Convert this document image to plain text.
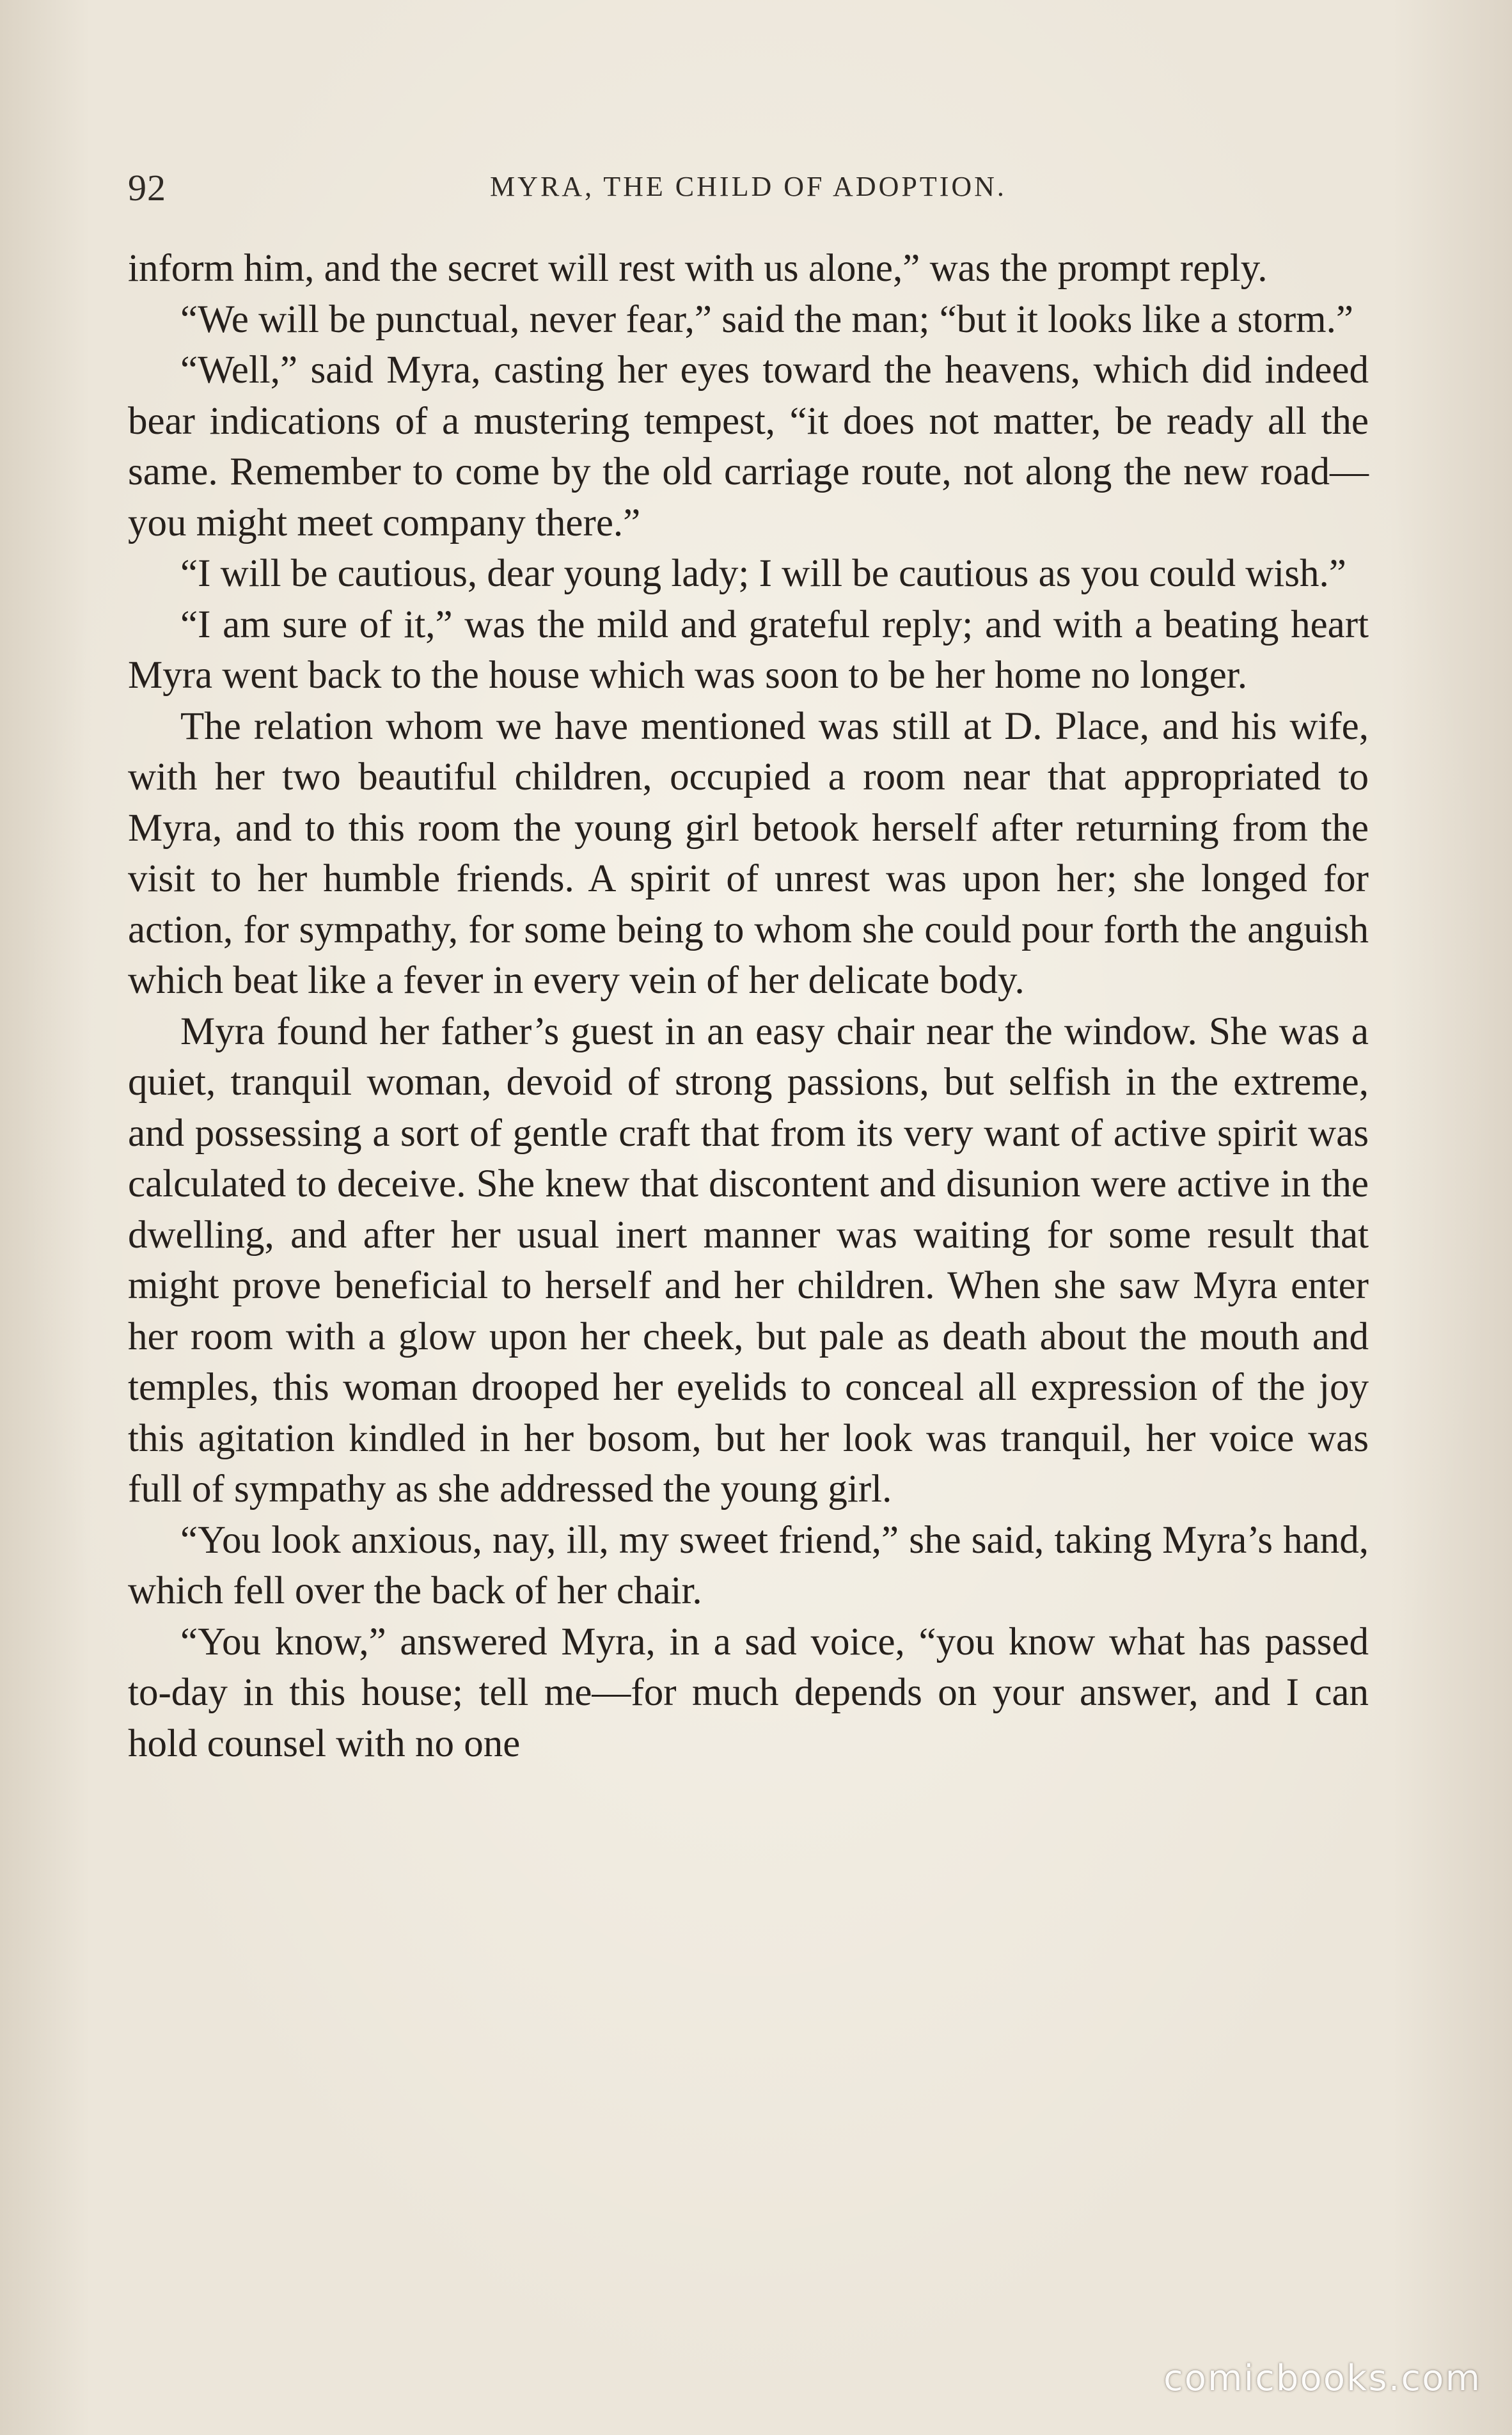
92	MYRA, THE CHILD OF ADOPTION.

inform him, and the secret will rest with us alone,” was the prompt reply.

“We will be punctual, never fear,” said the man; “but it looks like a storm.”

“Well,” said Myra, casting her eyes toward the heavens, which did indeed bear indications of a mustering tempest, “it does not matter, be ready all the same. Remember to come by the old carriage route, not along the new road—you might meet company there.”

“I will be cautious, dear young lady; I will be cautious as you could wish.”

“I am sure of it,” was the mild and grateful reply; and with a beating heart Myra went back to the house which was soon to be her home no longer.

The relation whom we have mentioned was still at D. Place, and his wife, with her two beautiful children, occupied a room near that appropriated to Myra, and to this room the young girl betook herself after returning from the visit to her humble friends. A spirit of unrest was upon her; she longed for action, for sympathy, for some being to whom she could pour forth the anguish which beat like a fever in every vein of her delicate body.

Myra found her father’s guest in an easy chair near the window. She was a quiet, tranquil woman, devoid of strong passions, but selfish in the extreme, and possessing a sort of gentle craft that from its very want of active spirit was calculated to deceive. She knew that discontent and disunion were active in the dwelling, and after her usual inert manner was waiting for some result that might prove beneficial to herself and her children. When she saw Myra enter her room with a glow upon her cheek, but pale as death about the mouth and temples, this woman drooped her eyelids to conceal all expression of the joy this agitation kindled in her bosom, but her look was tranquil, her voice was full of sympathy as she addressed the young girl.

“You look anxious, nay, ill, my sweet friend,” she said, taking Myra’s hand, which fell over the back of her chair.

“You know,” answered Myra, in a sad voice, “you know what has passed to-day in this house; tell me—for much depends on your answer, and I can hold counsel with no one

comicbooks.com
